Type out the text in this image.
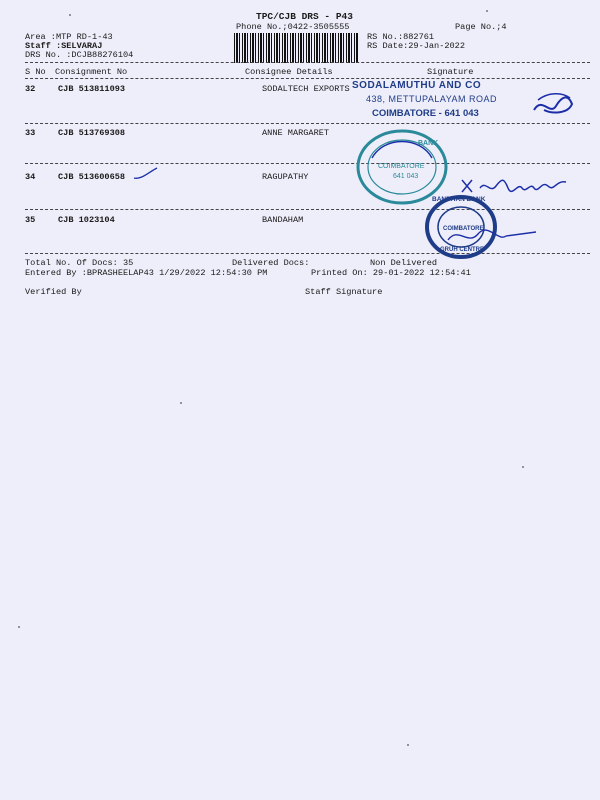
TPC/CJB DRS - P43
Phone No.;0422-3505555	Page No.;4
Area :MTP RD-1-43
Staff :SELVARAJ
DRS No. :DCJB88276104
RS No.:882761
RS Date:29-Jan-2022
S No Consignment No	Consignee Details	Signature
32	CJB 513811093	SODALTECH EXPORTS
33	CJB 513769308	ANNE MARGARET
34	CJB 513600658	RAGUPATHY
35	CJB 1023104	BANDAHAM
Total No. Of Docs: 35	Delivered Docs:	Non Delivered
Entered By :BPRASHEELAP43 1/29/2022 12:54:30 PM	Printed On: 29-01-2022 12:54:41
Verified By	Staff Signature
SODALAMUTHU AND CO
438, METTUPALAYAM ROAD
COIMBATORE - 641 043
BANK
COIMBATORE
641 043
BANDHAN BANK
COIMBATORE
GRUH CENTRE
